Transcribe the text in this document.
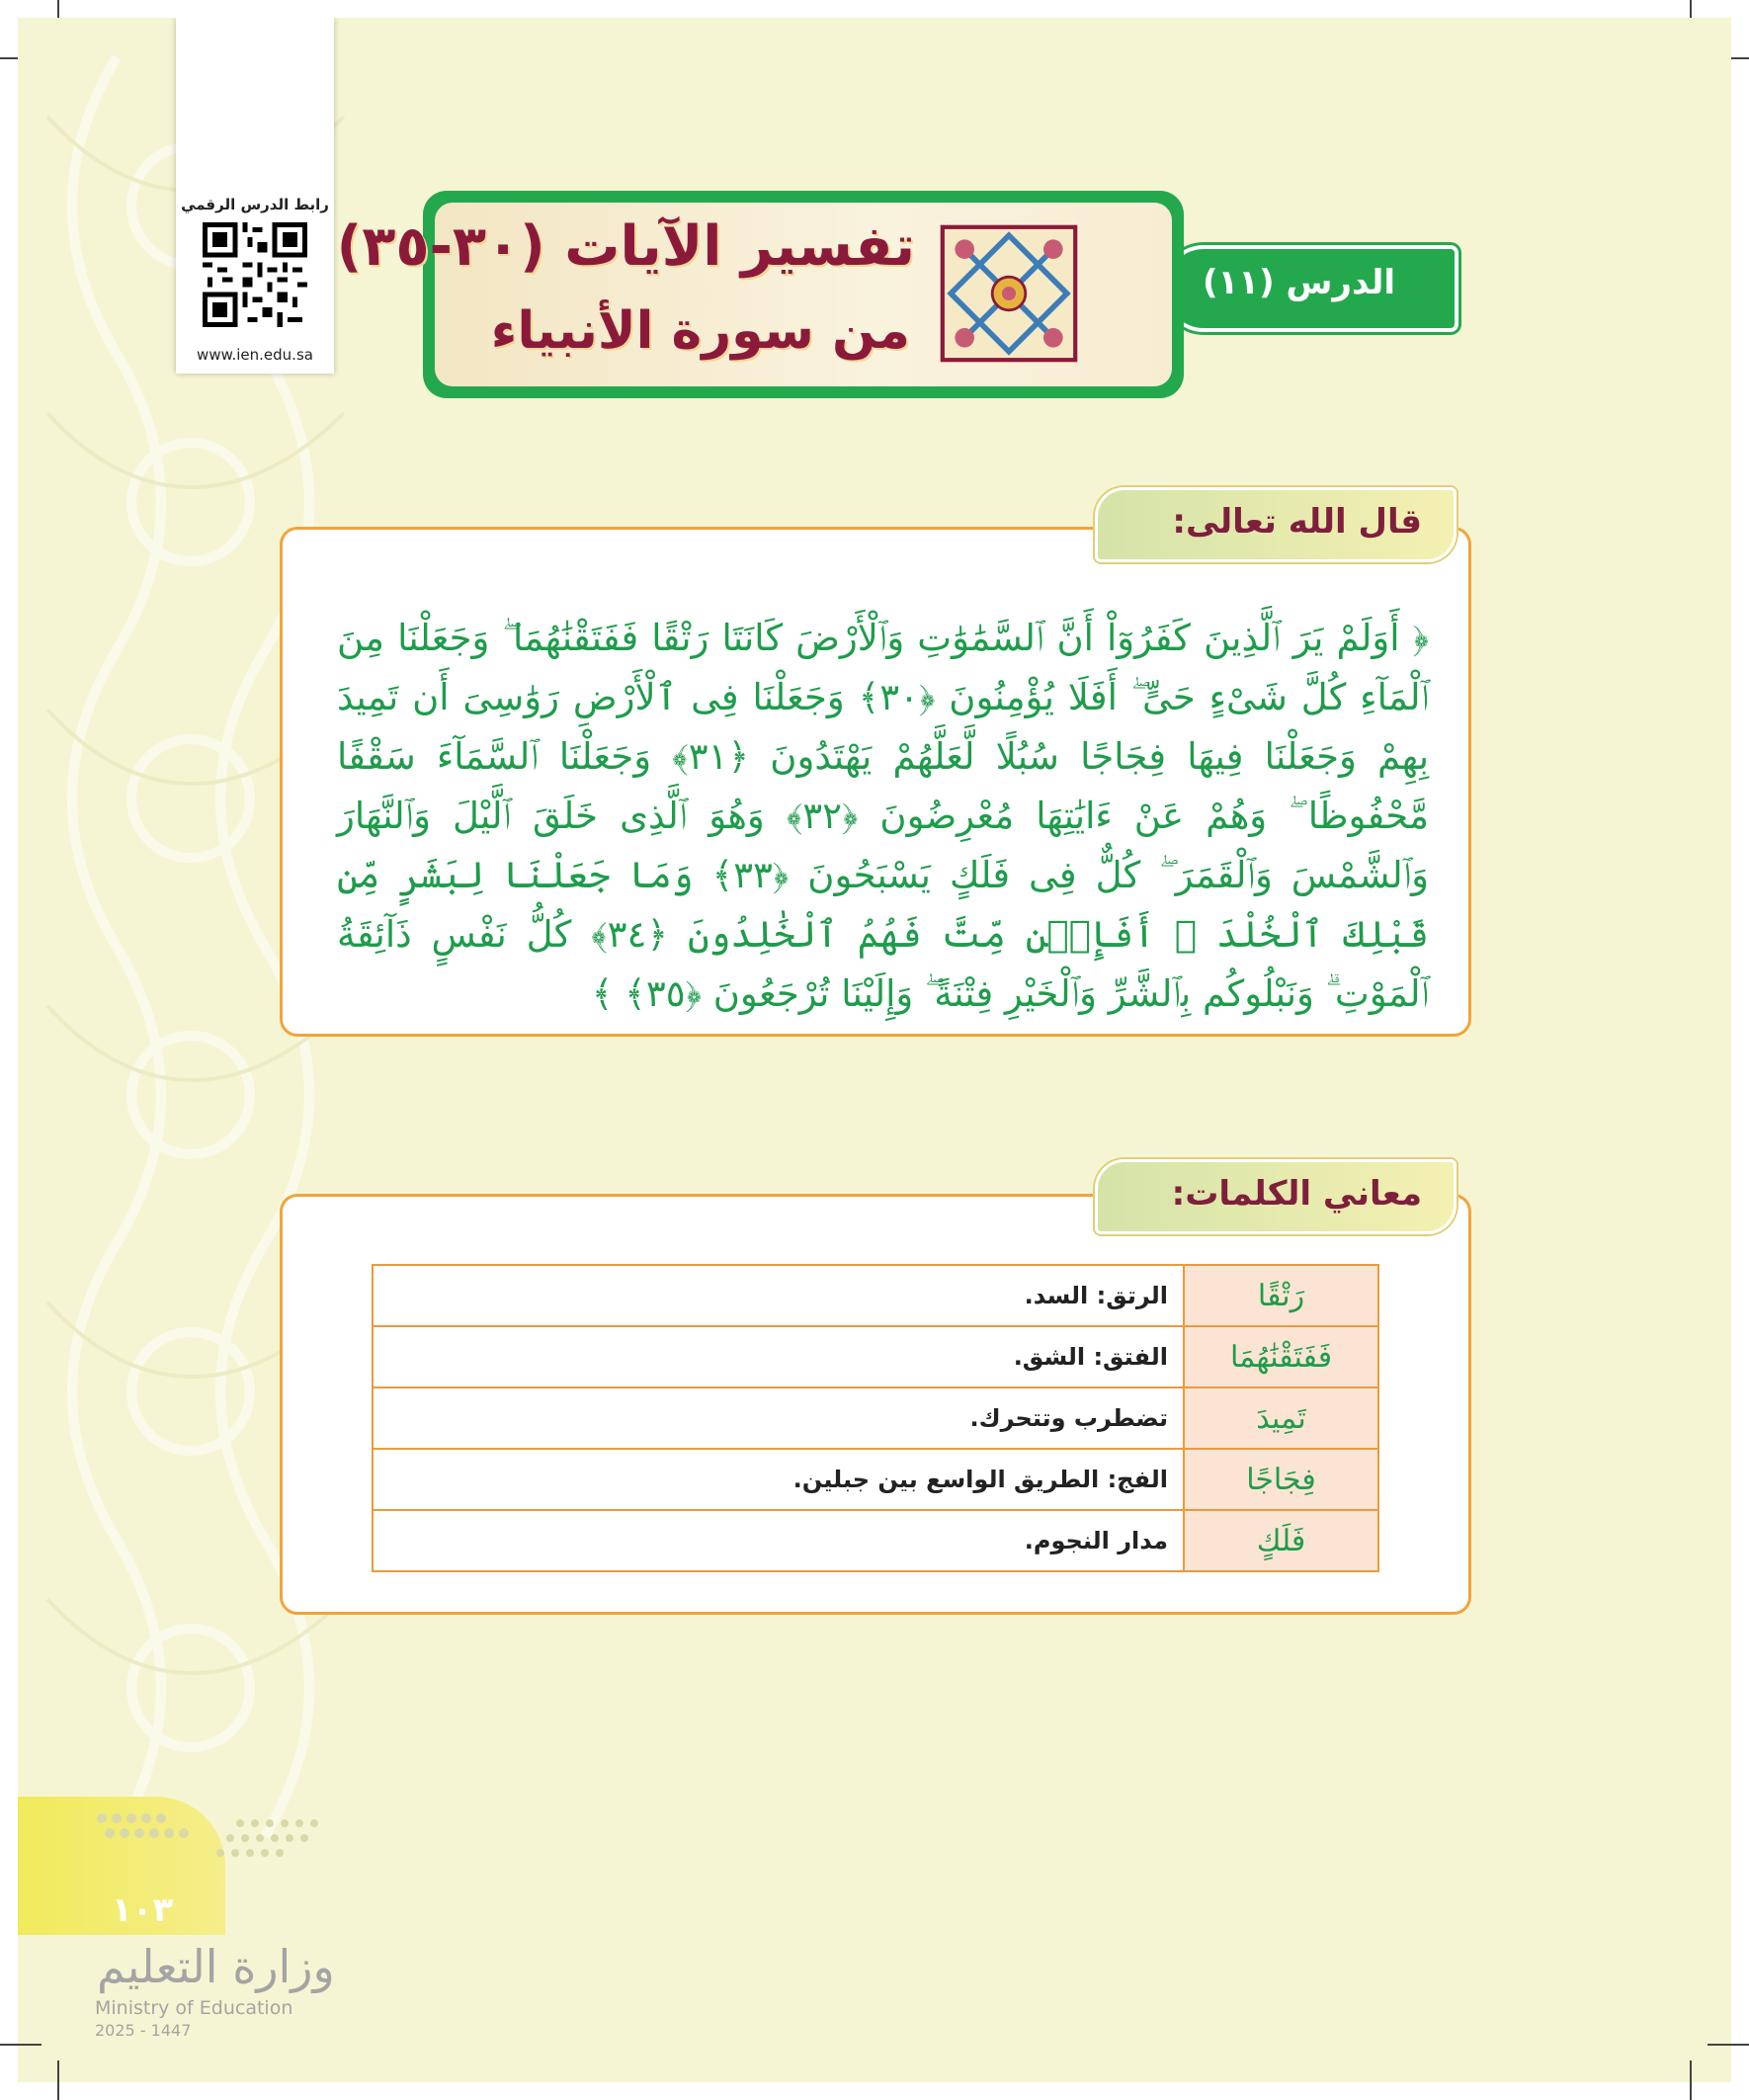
رابط الدرس الرقمي
www.ien.edu.sa
الدرس (١١)
تفسير الآيات (٣٠-٣٥)
من سورة الأنبياء
﴿ أَوَلَمْ يَرَ ٱلَّذِينَ كَفَرُوٓاْ أَنَّ ٱلسَّمَٰوَٰتِ وَٱلْأَرْضَ كَانَتَا رَتْقًا فَفَتَقْنَٰهُمَا ۖ وَجَعَلْنَا مِنَ ٱلْمَآءِ كُلَّ شَىْءٍ حَىٍّ ۖ أَفَلَا يُؤْمِنُونَ ﴿٣٠﴾ وَجَعَلْنَا فِى ٱلْأَرْضِ رَوَٰسِىَ أَن تَمِيدَ بِهِمْ وَجَعَلْنَا فِيهَا فِجَاجًا سُبُلًا لَّعَلَّهُمْ يَهْتَدُونَ ﴿٣١﴾ وَجَعَلْنَا ٱلسَّمَآءَ سَقْفًا مَّحْفُوظًا ۖ وَهُمْ عَنْ ءَايَٰتِهَا مُعْرِضُونَ ﴿٣٢﴾ وَهُوَ ٱلَّذِى خَلَقَ ٱلَّيْلَ وَٱلنَّهَارَ وَٱلشَّمْسَ وَٱلْقَمَرَ ۖ كُلٌّ فِى فَلَكٍ يَسْبَحُونَ ﴿٣٣﴾ وَمَا جَعَلْنَا لِبَشَرٍ مِّن قَبْلِكَ ٱلْخُلْدَ ۖ أَفَإِي۟ن مِّتَّ فَهُمُ ٱلْخَٰلِدُونَ ﴿٣٤﴾ كُلُّ نَفْسٍ ذَآئِقَةُ ٱلْمَوْتِ ۗ وَنَبْلُوكُم بِٱلشَّرِّ وَٱلْخَيْرِ فِتْنَةً ۖ وَإِلَيْنَا تُرْجَعُونَ ﴿٣٥﴾ ﴾
قال الله تعالى:
رَتْقًا	الرتق: السد.
فَفَتَقْنَٰهُمَا	الفتق: الشق.
تَمِيدَ	تضطرب وتتحرك.
فِجَاجًا	الفج: الطريق الواسع بين جبلين.
فَلَكٍ	مدار النجوم.
معاني الكلمات:
١٠٣
وزارة التعليم
Ministry of Education
2025 - 1447
